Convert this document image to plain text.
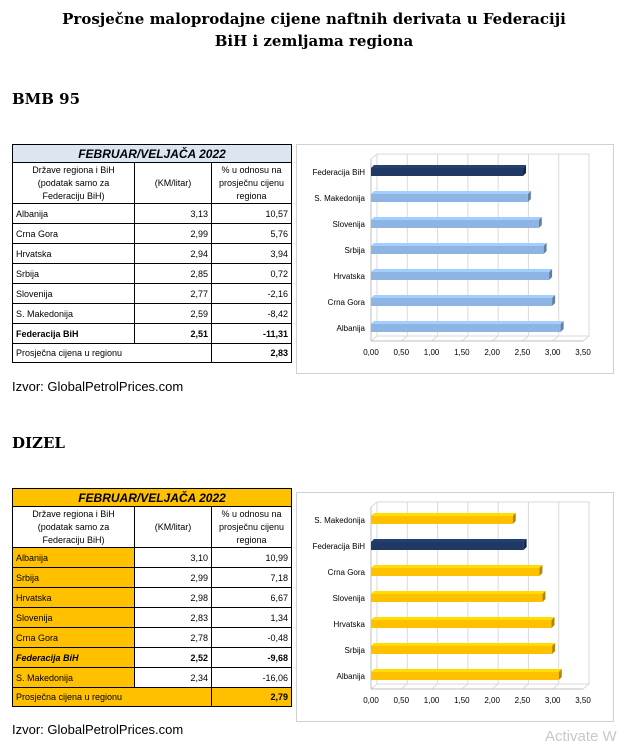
Prosječne maloprodajne cijene naftnih derivata u Federaciji BiH i zemljama regiona
BMB 95
FEBRUAR/VELJAČA 2022		
Države regiona i BiH (podatak samo za Federaciju BiH)	(KM/litar)	% u odnosu na prosječnu cijenu regiona
Albanija	3,13	10,57
Crna Gora	2,99	5,76
Hrvatska	2,94	3,94
Srbija	2,85	0,72
Slovenija	2,77	-2,16
S. Makedonija	2,59	-8,42
Federacija BiH	2,51	-11,31
Prosječna cijena u regionu		2,83	0,00 0,50 1,00 1,50 2,00 2,50 3,00 3,50
Federacija BiH
S. Makedonija
Slovenija
Srbija
Hrvatska
Crna Gora
Albanija
Izvor: GlobalPetrolPrices.com
DIZEL
FEBRUAR/VELJAČA 2022		
Države regiona i BiH (podatak samo za Federaciju BiH)	(KM/litar)	% u odnosu na prosječnu cijenu regiona
Albanija	3,10	10,99
Srbija	2,99	7,18
Hrvatska	2,98	6,67
Slovenija	2,83	1,34
Crna Gora	2,78	-0,48
Federacija BiH	2,52	-9,68
S. Makedonija	2,34	-16,06
Prosječna cijena u regionu		2,79	0,00 0,50 1,00 1,50 2,00 2,50 3,00 3,50
S. Makedonija
Federacija BiH
Crna Gora
Slovenija
Hrvatska
Srbija
Albanija
Izvor: GlobalPetrolPrices.com	Activate W
